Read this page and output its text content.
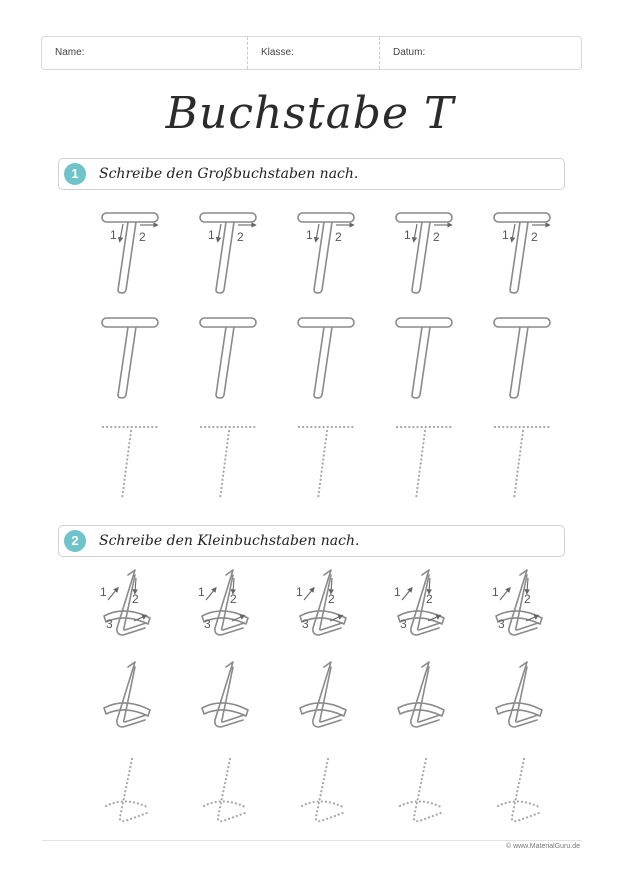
Name:	Klasse:	Datum:
Buchstabe T
1	Schreibe den Großbuchstaben nach.
2	Schreibe den Kleinbuchstaben nach.
1 2	1 2	1 2	1 2	1 2
1 2
3
1 2
3
1 2
3
1 2
3
1 2
3
© www.MaterialGuru.de
